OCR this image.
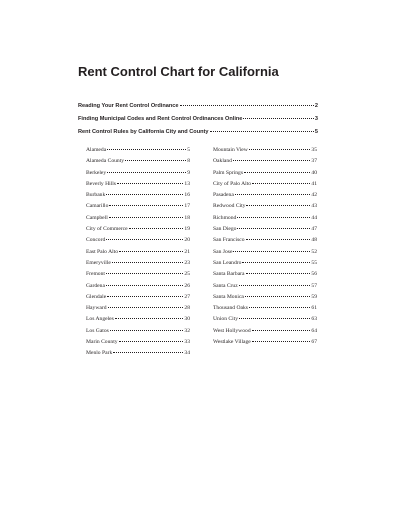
Rent Control Chart for California
Reading Your Rent Control Ordinance	2
Finding Municipal Codes and Rent Control Ordinances Online	3
Rent Control Rules by California City and County	5
Alameda	5
Alameda County	8
Berkeley	9
Beverly Hills	13
Burbank	16
Camarillo	17
Campbell	18
City of Commerce	19
Concord	20
East Palo Alto	21
Emeryville	23
Fremont	25
Gardena	26
Glendale	27
Hayward	28
Los Angeles	30
Los Gatos	32
Marin County	33
Menlo Park	34
Mountain View	35
Oakland	37
Palm Springs	40
City of Palo Alto	41
Pasadena	42
Redwood City	43
Richmond	44
San Diego	47
San Francisco	48
San Jose	52
San Leandro	55
Santa Barbara	56
Santa Cruz	57
Santa Monica	59
Thousand Oaks	61
Union City	63
West Hollywood	64
Westlake Village	67
